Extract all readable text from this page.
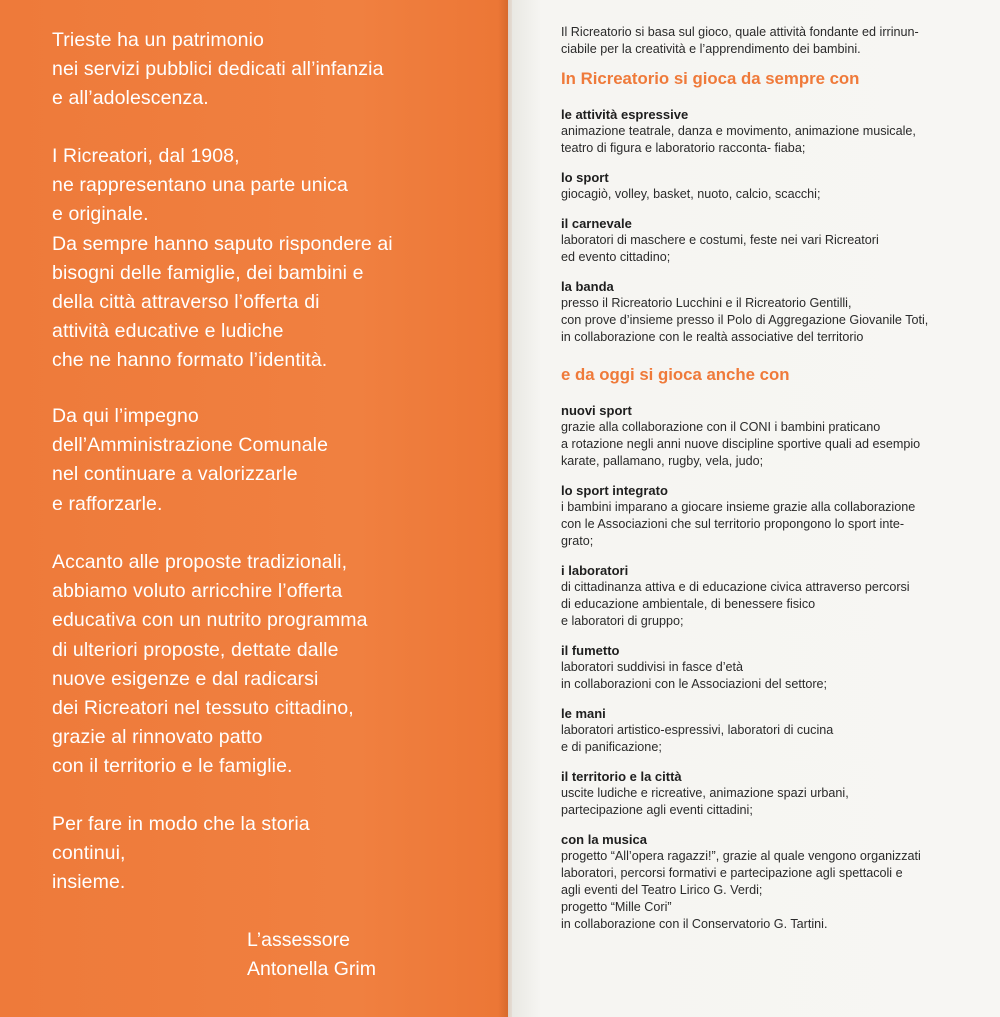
Trieste ha un patrimonio
nei servizi pubblici dedicati all’infanzia
e all’adolescenza.
I Ricreatori, dal 1908,
ne rappresentano una parte unica
e originale.
Da sempre hanno saputo rispondere ai
bisogni delle famiglie, dei bambini e
della città attraverso l’offerta di
attività educative e ludiche
che ne hanno formato l’identità.
Da qui l’impegno
dell’Amministrazione Comunale
nel continuare a valorizzarle
e rafforzarle.
Accanto alle proposte tradizionali,
abbiamo voluto arricchire l’offerta
educativa con un nutrito programma
di ulteriori proposte, dettate dalle
nuove esigenze e dal radicarsi
dei Ricreatori nel tessuto cittadino,
grazie al rinnovato patto
con il territorio e le famiglie.
Per fare in modo che la storia
continui,
insieme.
L’assessore
Antonella Grim
Il Ricreatorio si basa sul gioco, quale attività fondante ed irrinun-
ciabile per la creatività e l’apprendimento dei bambini.
In Ricreatorio si gioca da sempre con
le attività espressive
animazione teatrale, danza e movimento, animazione musicale,
teatro di figura e laboratorio racconta- fiaba;
lo sport
giocagiò, volley, basket, nuoto, calcio, scacchi;
il carnevale
laboratori di maschere e costumi, feste nei vari Ricreatori
ed evento cittadino;
la banda
presso il Ricreatorio Lucchini e il Ricreatorio Gentilli,
con prove d’insieme presso il Polo di Aggregazione Giovanile Toti,
in collaborazione con le realtà associative del territorio
e da oggi si gioca anche con
nuovi sport
grazie alla collaborazione con il CONI i bambini praticano
a rotazione negli anni nuove discipline sportive quali ad esempio
karate, pallamano, rugby, vela, judo;
lo sport integrato
i bambini imparano a giocare insieme grazie alla collaborazione
con le Associazioni che sul territorio propongono lo sport inte-
grato;
i laboratori
di cittadinanza attiva e di educazione civica attraverso percorsi
di educazione ambientale, di benessere fisico
e laboratori di gruppo;
il fumetto
laboratori suddivisi in fasce d’età
in collaborazioni con le Associazioni del settore;
le mani
laboratori artistico-espressivi, laboratori di cucina
e di panificazione;
il territorio e la città
uscite ludiche e ricreative, animazione spazi urbani,
partecipazione agli eventi cittadini;
con la musica
progetto “All’opera ragazzi!”, grazie al quale vengono organizzati
laboratori, percorsi formativi e partecipazione agli spettacoli e
agli eventi del Teatro Lirico G. Verdi;
progetto “Mille Cori”
in collaborazione con il Conservatorio G. Tartini.
